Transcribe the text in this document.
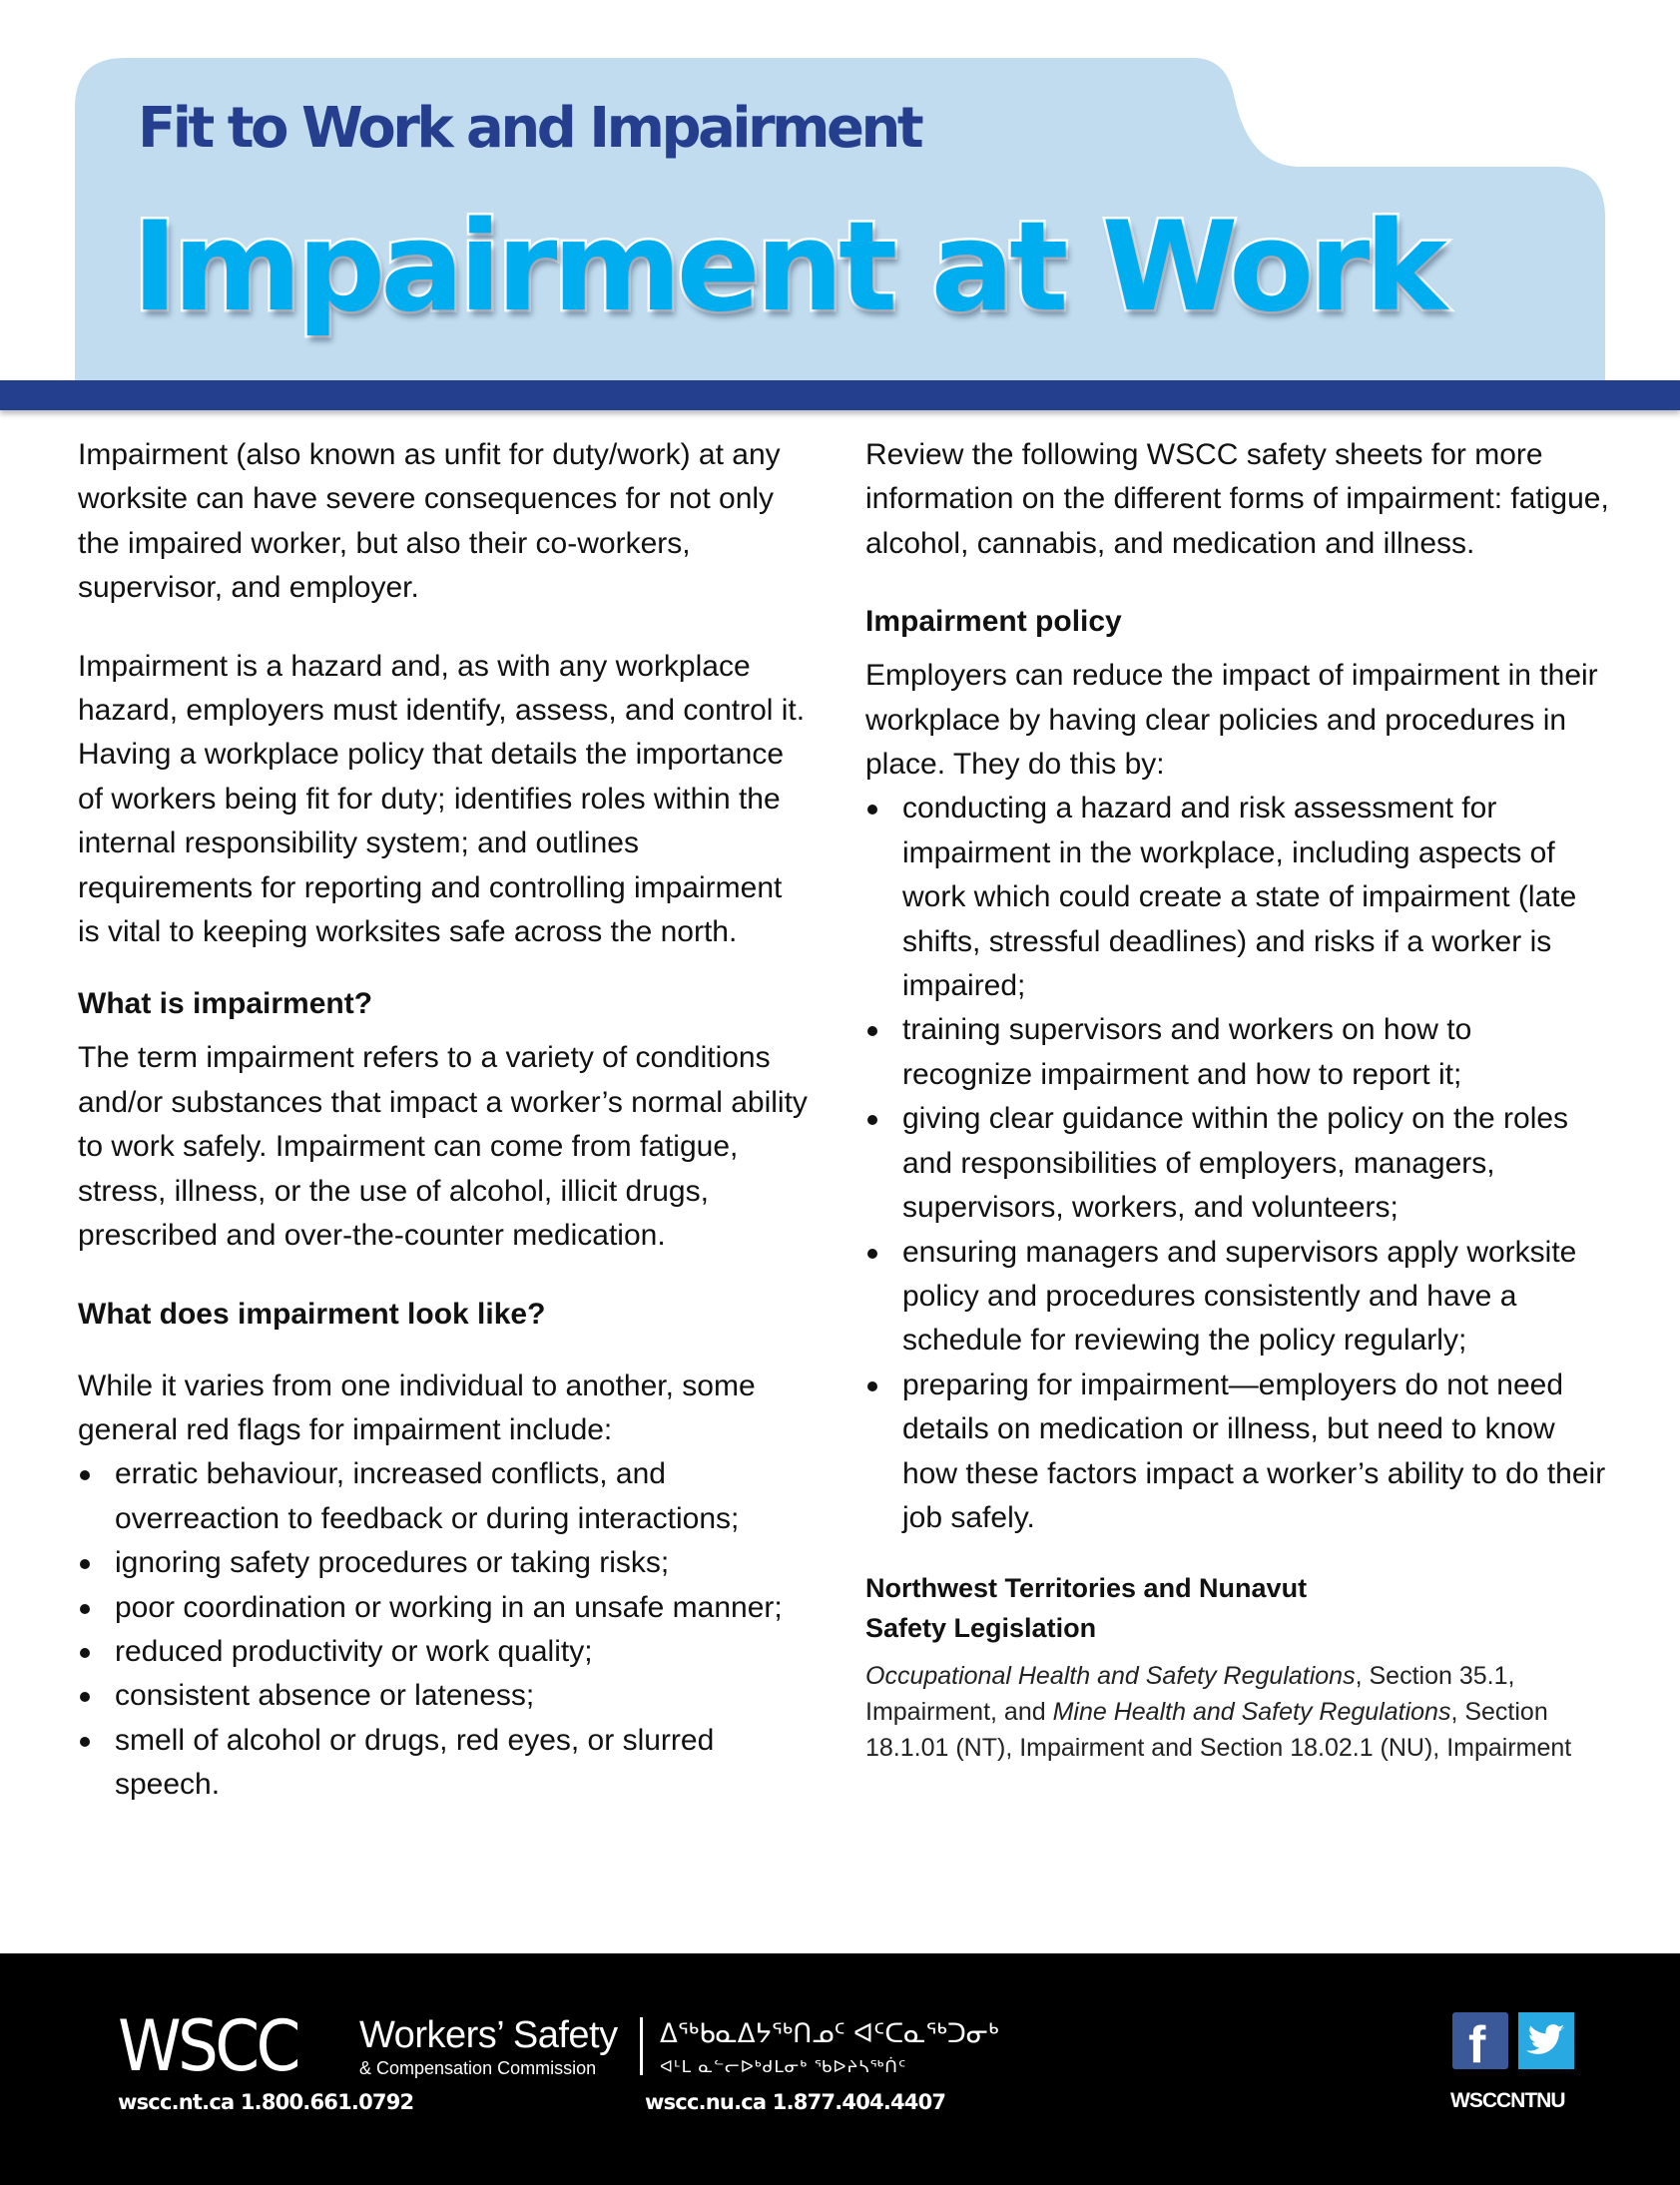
Fit to Work and Impairment
Impairment at Work

Impairment (also known as unfit for duty/work) at any worksite can have severe consequences for not only the impaired worker, but also their co-workers, supervisor, and employer.

Impairment is a hazard and, as with any workplace hazard, employers must identify, assess, and control it. Having a workplace policy that details the importance of workers being fit for duty; identifies roles within the internal responsibility system; and outlines requirements for reporting and controlling impairment is vital to keeping worksites safe across the north.

What is impairment?

The term impairment refers to a variety of conditions and/or substances that impact a worker’s normal ability to work safely. Impairment can come from fatigue, stress, illness, or the use of alcohol, illicit drugs, prescribed and over-the-counter medication.

What does impairment look like?

While it varies from one individual to another, some general red flags for impairment include:

erratic behaviour, increased conflicts, and overreaction to feedback or during interactions;
ignoring safety procedures or taking risks;
poor coordination or working in an unsafe manner;
reduced productivity or work quality;
consistent absence or lateness;
smell of alcohol or drugs, red eyes, or slurred speech.

Review the following WSCC safety sheets for more information on the different forms of impairment: fatigue, alcohol, cannabis, and medication and illness.

Impairment policy

Employers can reduce the impact of impairment in their workplace by having clear policies and procedures in place. They do this by:

conducting a hazard and risk assessment for impairment in the workplace, including aspects of work which could create a state of impairment (late shifts, stressful deadlines) and risks if a worker is impaired;
training supervisors and workers on how to recognize impairment and how to report it;
giving clear guidance within the policy on the roles and responsibilities of employers, managers, supervisors, workers, and volunteers;
ensuring managers and supervisors apply worksite policy and procedures consistently and have a schedule for reviewing the policy regularly;
preparing for impairment—employers do not need details on medication or illness, but need to know how these factors impact a worker’s ability to do their job safely.

Northwest Territories and Nunavut
Safety Legislation

Occupational Health and Safety Regulations, Section 35.1, Impairment, and Mine Health and Safety Regulations, Section 18.1.01 (NT), Impairment and Section 18.02.1 (NU), Impairment

WSCC Workers’ Safety
& Compensation Commission
ᐃᖅᑲᓇᐃᔭᖅᑎᓄᑦ ᐊᑦᑕᓇᖅᑐᓂᒃ
ᐊᒻᒪ ᓇᓪᓕᐅᒃᑯᒪᓂᒃ ᖃᐅᔨᓴᖅᑏᑦ
wscc.nt.ca 1.800.661.0792	wscc.nu.ca 1.877.404.4407
f
WSCCNTNU
